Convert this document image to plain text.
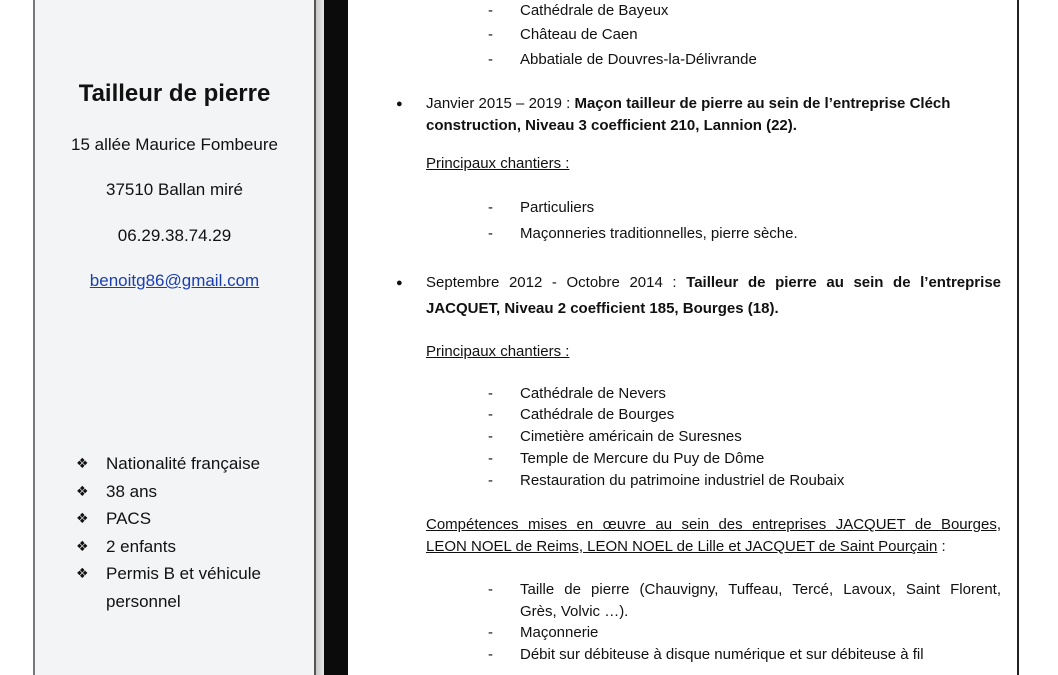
Tailleur de pierre
15 allée Maurice Fombeure
37510 Ballan miré
06.29.38.74.29
benoitg86@gmail.com
❖	Nationalité française
❖	38 ans
❖	PACS
❖	2 enfants
❖	Permis B et véhicule
personnel
- Cathédrale de Bayeux
- Château de Caen
- Abbatiale de Douvres-la-Délivrande
● Janvier 2015 – 2019 : Maçon tailleur de pierre au sein de l’entreprise Cléch
construction, Niveau 3 coefficient 210, Lannion (22).
Principaux chantiers :
- Particuliers
- Maçonneries traditionnelles, pierre sèche.
● Septembre 2012 - Octobre 2014 : Tailleur de pierre au sein de l’entreprise
JACQUET, Niveau 2 coefficient 185, Bourges (18).
Principaux chantiers :
- Cathédrale de Nevers
- Cathédrale de Bourges
- Cimetière américain de Suresnes
- Temple de Mercure du Puy de Dôme
- Restauration du patrimoine industriel de Roubaix
Compétences mises en œuvre au sein des entreprises JACQUET de Bourges,
LEON NOEL de Reims, LEON NOEL de Lille et JACQUET de Saint Pourçain :
- Taille de pierre (Chauvigny, Tuffeau, Tercé, Lavoux, Saint Florent,
Grès, Volvic …).
- Maçonnerie
- Débit sur débiteuse à disque numérique et sur débiteuse à fil
